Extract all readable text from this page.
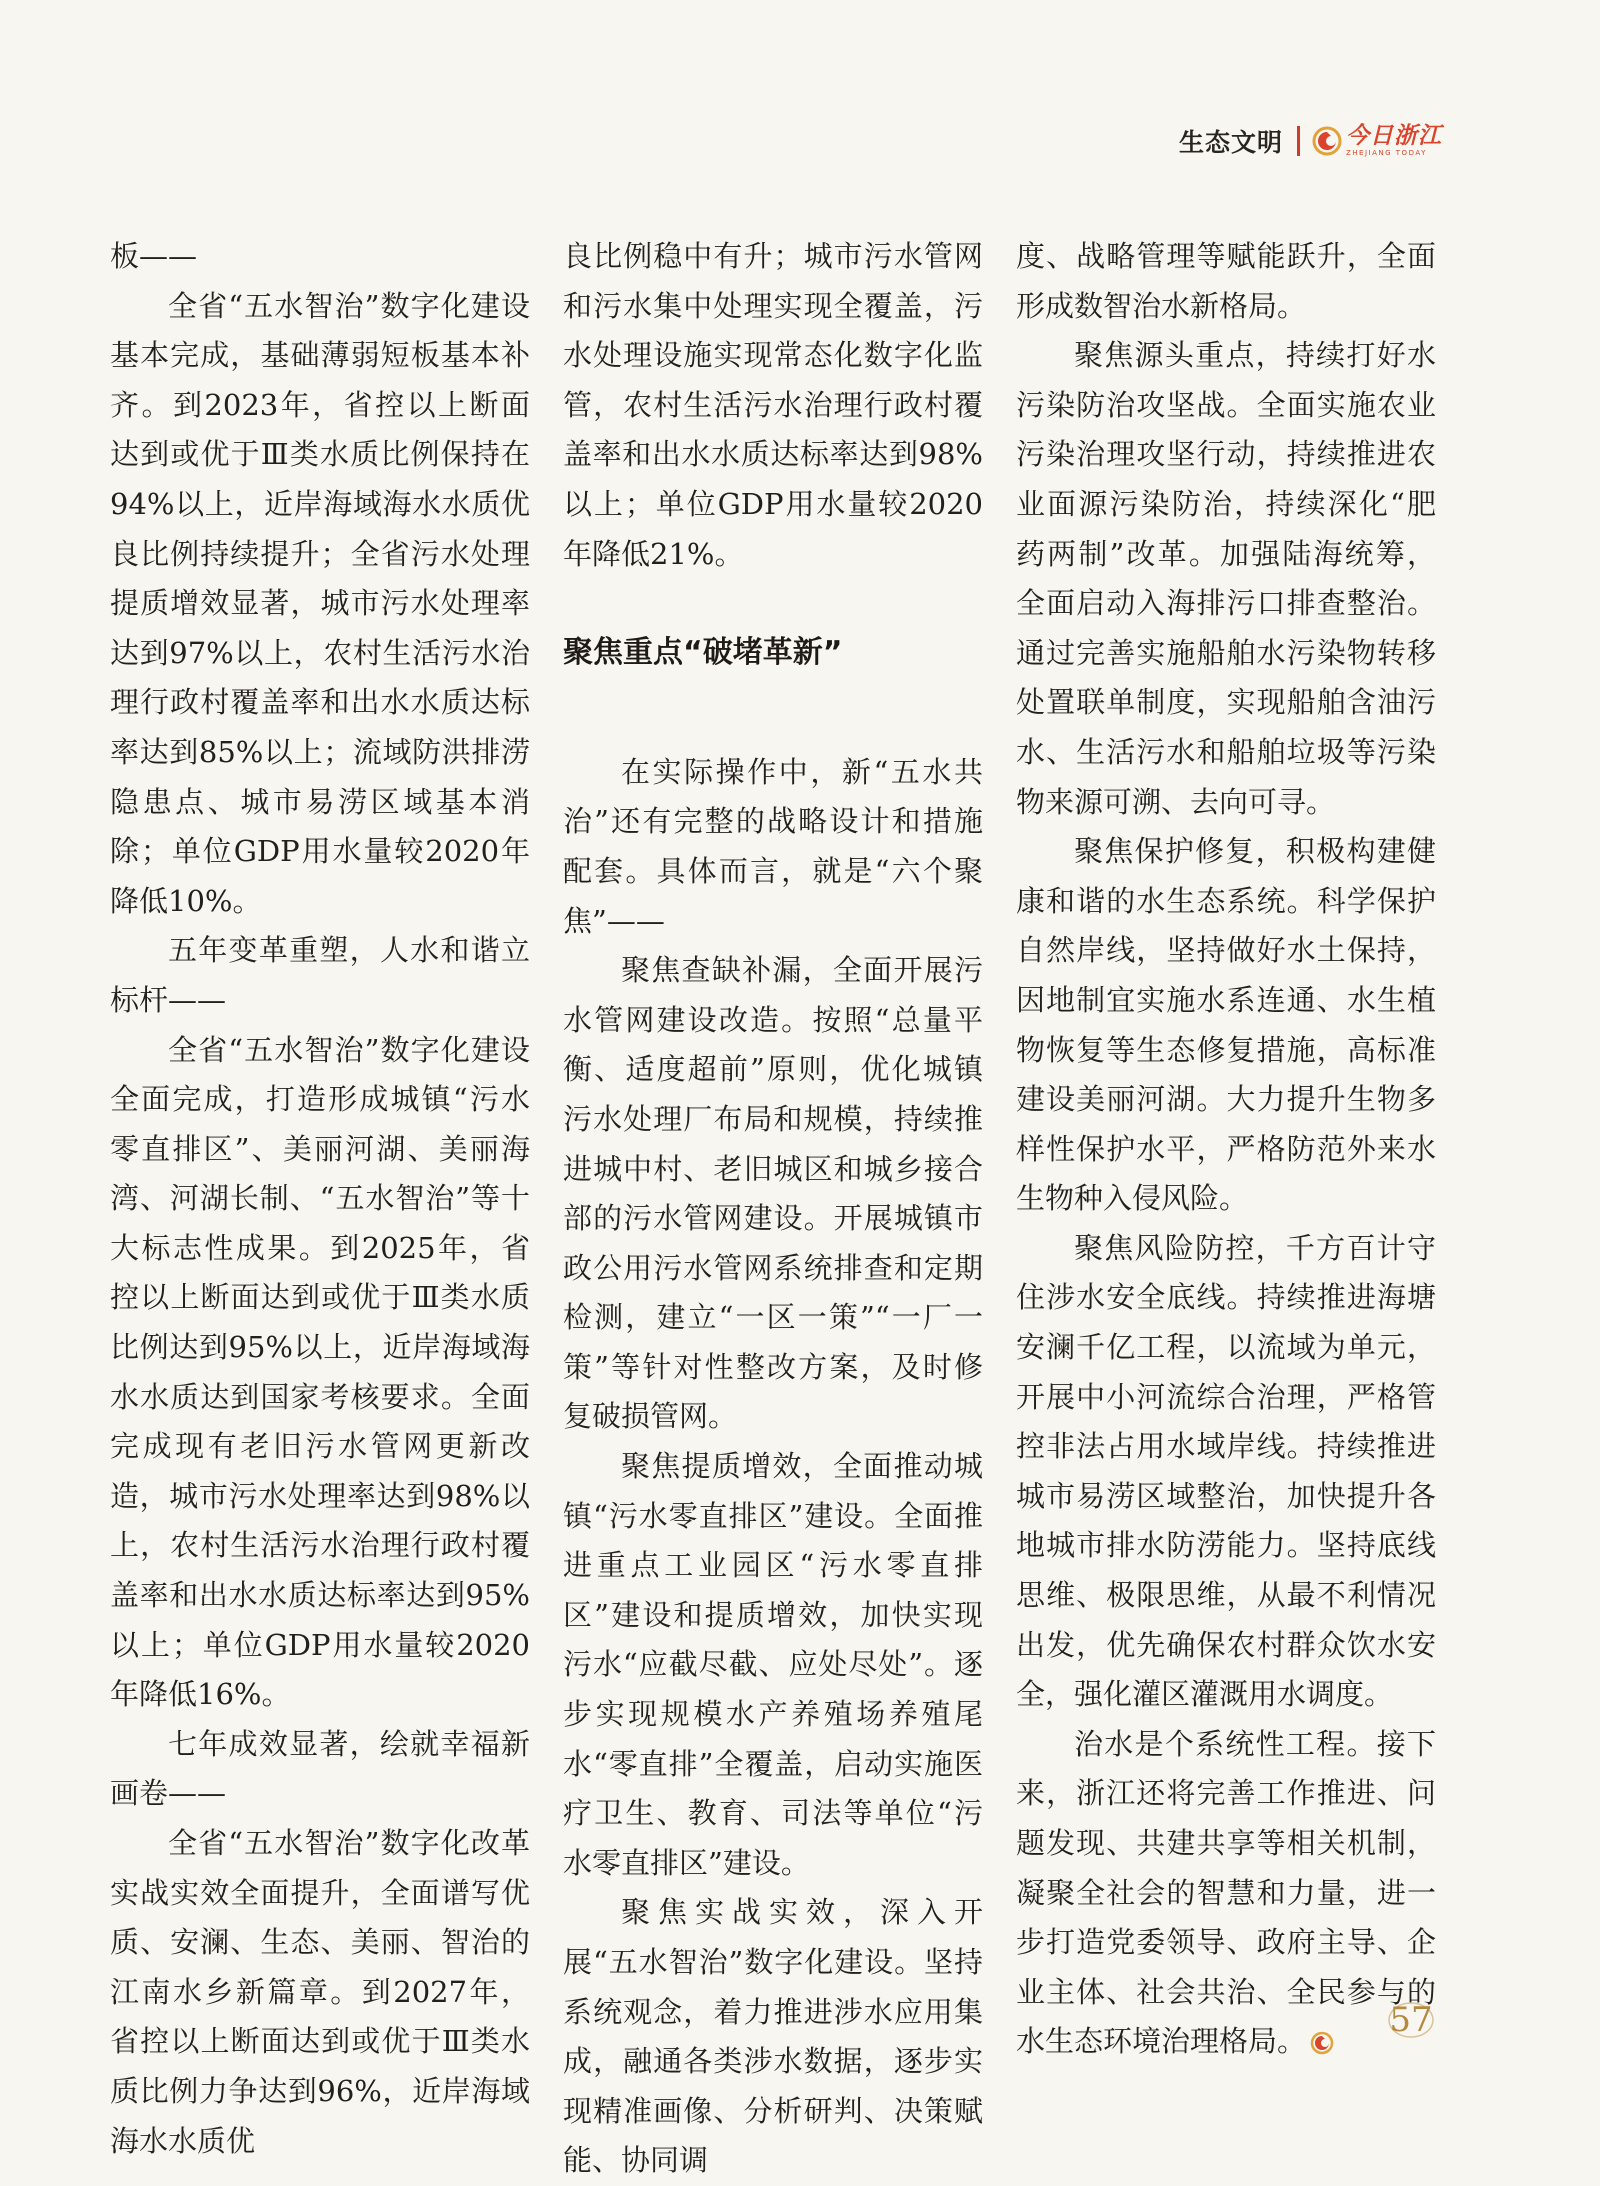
生态文明	今日浙江
ZHEJIANG TODAY

板——

全省“五水智治”数字化建设基本完成，基础薄弱短板基本补齐。到2023年，省控以上断面达到或优于Ⅲ类水质比例保持在94%以上，近岸海域海水水质优良比例持续提升；全省污水处理提质增效显著，城市污水处理率达到97%以上，农村生活污水治理行政村覆盖率和出水水质达标率达到85%以上；流域防洪排涝隐患点、城市易涝区域基本消除；单位GDP用水量较2020年降低10%。

五年变革重塑，人水和谐立标杆——

全省“五水智治”数字化建设全面完成，打造形成城镇“污水零直排区”、美丽河湖、美丽海湾、河湖长制、“五水智治”等十大标志性成果。到2025年，省控以上断面达到或优于Ⅲ类水质比例达到95%以上，近岸海域海水水质达到国家考核要求。全面完成现有老旧污水管网更新改造，城市污水处理率达到98%以上，农村生活污水治理行政村覆盖率和出水水质达标率达到95%以上；单位GDP用水量较2020年降低16%。

七年成效显著，绘就幸福新画卷——

全省“五水智治”数字化改革实战实效全面提升，全面谱写优质、安澜、生态、美丽、智治的江南水乡新篇章。到2027年，省控以上断面达到或优于Ⅲ类水质比例力争达到96%，近岸海域海水水质优

良比例稳中有升；城市污水管网和污水集中处理实现全覆盖，污水处理设施实现常态化数字化监管，农村生活污水治理行政村覆盖率和出水水质达标率达到98%以上；单位GDP用水量较2020年降低21%。

聚焦重点“破堵革新”

在实际操作中，新“五水共治”还有完整的战略设计和措施配套。具体而言，就是“六个聚焦”——

聚焦查缺补漏，全面开展污水管网建设改造。按照“总量平衡、适度超前”原则，优化城镇污水处理厂布局和规模，持续推进城中村、老旧城区和城乡接合部的污水管网建设。开展城镇市政公用污水管网系统排查和定期检测，建立“一区一策”“一厂一策”等针对性整改方案，及时修复破损管网。

聚焦提质增效，全面推动城镇“污水零直排区”建设。全面推进重点工业园区“污水零直排区”建设和提质增效，加快实现污水“应截尽截、应处尽处”。逐步实现规模水产养殖场养殖尾水“零直排”全覆盖，启动实施医疗卫生、教育、司法等单位“污水零直排区”建设。

聚焦实战实效，深入开展“五水智治”数字化建设。坚持系统观念，着力推进涉水应用集成，融通各类涉水数据，逐步实现精准画像、分析研判、决策赋能、协同调

度、战略管理等赋能跃升，全面形成数智治水新格局。

聚焦源头重点，持续打好水污染防治攻坚战。全面实施农业污染治理攻坚行动，持续推进农业面源污染防治，持续深化“肥药两制”改革。加强陆海统筹，全面启动入海排污口排查整治。通过完善实施船舶水污染物转移处置联单制度，实现船舶含油污水、生活污水和船舶垃圾等污染物来源可溯、去向可寻。

聚焦保护修复，积极构建健康和谐的水生态系统。科学保护自然岸线，坚持做好水土保持，因地制宜实施水系连通、水生植物恢复等生态修复措施，高标准建设美丽河湖。大力提升生物多样性保护水平，严格防范外来水生物种入侵风险。

聚焦风险防控，千方百计守住涉水安全底线。持续推进海塘安澜千亿工程，以流域为单元，开展中小河流综合治理，严格管控非法占用水域岸线。持续推进城市易涝区域整治，加快提升各地城市排水防涝能力。坚持底线思维、极限思维，从最不利情况出发，优先确保农村群众饮水安全，强化灌区灌溉用水调度。

治水是个系统性工程。接下来，浙江还将完善工作推进、问题发现、共建共享等相关机制，凝聚全社会的智慧和力量，进一步打造党委领导、政府主导、企业主体、社会共治、全民参与的水生态环境治理格局。

57
